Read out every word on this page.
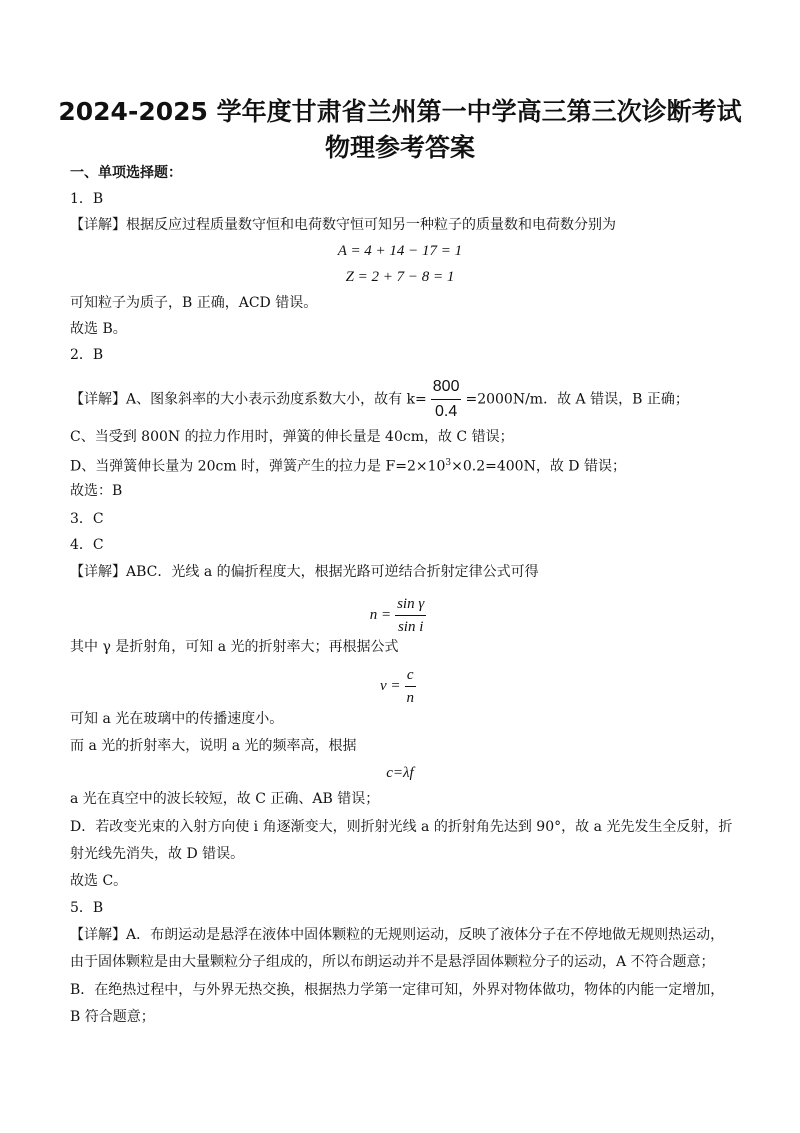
2024-2025 学年度甘肃省兰州第一中学高三第三次诊断考试
物理参考答案
一、单项选择题：
1．B
【详解】根据反应过程质量数守恒和电荷数守恒可知另一种粒子的质量数和电荷数分别为
A = 4 + 14 − 17 = 1
Z = 2 + 7 − 8 = 1
可知粒子为质子，B 正确，ACD 错误。
故选 B。
2．B
【详解】A、图象斜率的大小表示劲度系数大小，故有 $k= \frac{800}{0.4} =2000N/m$．故 A 错误，B 正确；
C、当受到 800N 的拉力作用时，弹簧的伸长量是 40cm，故 C 错误；
D、当弹簧伸长量为 20cm 时，弹簧产生的拉力是 $F=2\times 10^3\times 0.2=400N$，故 D 错误；
故选：B
3．C
4．C
【详解】ABC．光线 a 的偏折程度大，根据光路可逆结合折射定律公式可得
$n = \frac{\text{sin γ}}{\text{sin i}}$
其中 γ 是折射角，可知 a 光的折射率大；再根据公式
$v = \frac{c}{n}$
可知 a 光在玻璃中的传播速度小。
而 a 光的折射率大，说明 a 光的频率高，根据
c=λf
a 光在真空中的波长较短，故 C 正确、AB 错误；
D．若改变光束的入射方向使 i 角逐渐变大，则折射光线 a 的折射角先达到 90°，故 a 光先发生全反射，折
射光线先消失，故 D 错误。
故选 C。
5．B
【详解】A．布朗运动是悬浮在液体中固体颗粒的无规则运动，反映了液体分子在不停地做无规则热运动，
由于固体颗粒是由大量颗粒分子组成的，所以布朗运动并不是悬浮固体颗粒分子的运动，A 不符合题意；
B．在绝热过程中，与外界无热交换，根据热力学第一定律可知，外界对物体做功，物体的内能一定增加，
B 符合题意；
